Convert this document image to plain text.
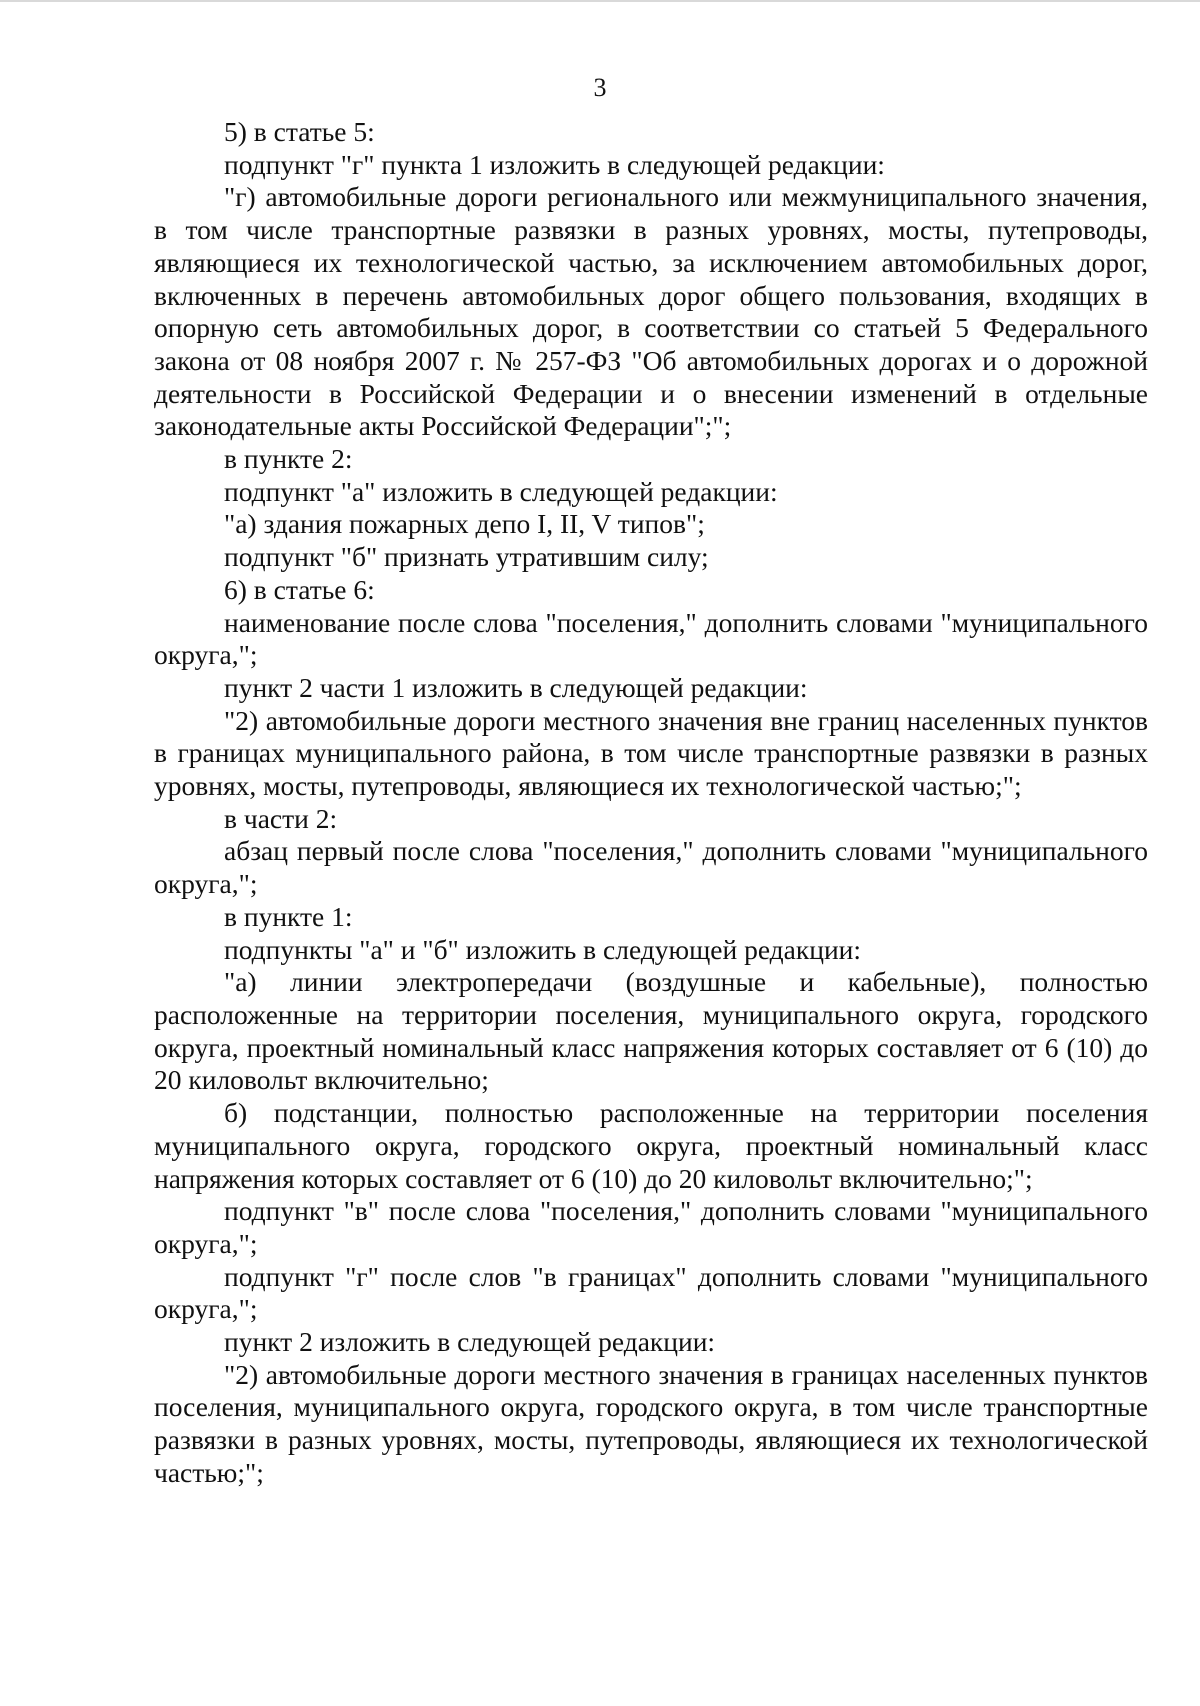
3

5) в статье 5:

подпункт "г" пункта 1 изложить в следующей редакции:

"г) автомобильные дороги регионального или межмуниципального значения, в том числе транспортные развязки в разных уровнях, мосты, путепроводы, являющиеся их технологической частью, за исключением автомобильных дорог, включенных в перечень автомобильных дорог общего пользования, входящих в опорную сеть автомобильных дорог, в соответствии со статьей 5 Федерального закона от 08 ноября 2007 г. № 257-ФЗ "Об автомобильных дорогах и о дорожной деятельности в Российской Федерации и о внесении изменений в отдельные законодательные акты Российской Федерации";";

в пункте 2:

подпункт "а" изложить в следующей редакции:

"а) здания пожарных депо I, II, V типов";

подпункт "б" признать утратившим силу;

6) в статье 6:

наименование после слова "поселения," дополнить словами "муниципального округа,";

пункт 2 части 1 изложить в следующей редакции:

"2) автомобильные дороги местного значения вне границ населенных пунктов в границах муниципального района, в том числе транспортные развязки в разных уровнях, мосты, путепроводы, являющиеся их технологической частью;";

в части 2:

абзац первый после слова "поселения," дополнить словами "муниципального округа,";

в пункте 1:

подпункты "а" и "б" изложить в следующей редакции:

"а) линии электропередачи (воздушные и кабельные), полностью расположенные на территории поселения, муниципального округа, городского округа, проектный номинальный класс напряжения которых составляет от 6 (10) до 20 киловольт включительно;

б) подстанции, полностью расположенные на территории поселения муниципального округа, городского округа, проектный номинальный класс напряжения которых составляет от 6 (10) до 20 киловольт включительно;";

подпункт "в" после слова "поселения," дополнить словами "муниципального округа,";

подпункт "г" после слов "в границах" дополнить словами "муниципального округа,";

пункт 2 изложить в следующей редакции:

"2) автомобильные дороги местного значения в границах населенных пунктов поселения, муниципального округа, городского округа, в том числе транспортные развязки в разных уровнях, мосты, путепроводы, являющиеся их технологической частью;";
